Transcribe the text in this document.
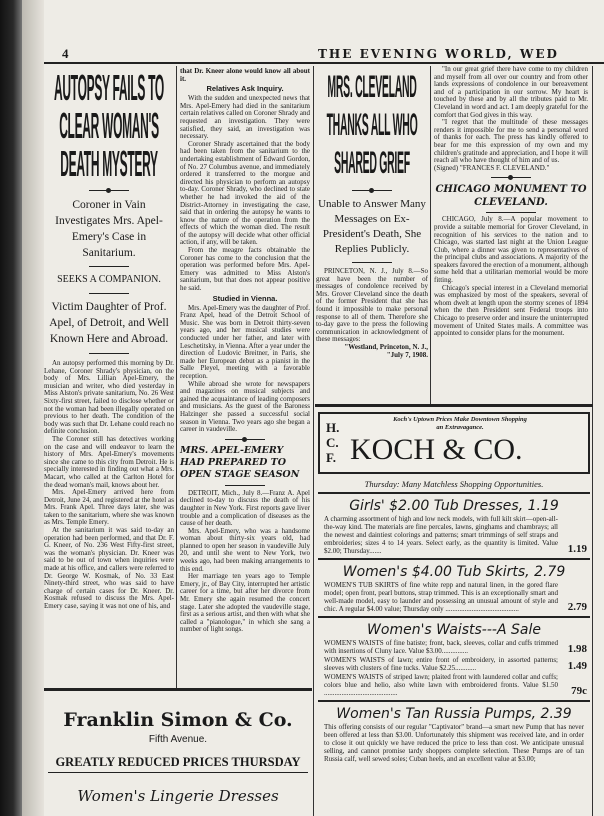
4	THE EVENING WORLD, WED
AUTOPSY FAILS TO
CLEAR WOMAN'S
DEATH MYSTERY
Coroner in Vain Investigates Mrs. Apel-Emery's Case in Sanitarium.
SEEKS A COMPANION.
Victim Daughter of Prof. Apel, of Detroit, and Well Known Here and Abroad.

An autopsy performed this morning by Dr. Lehane, Coroner Shrady's physician, on the body of Mrs. Lillian Apel-Emery, the musician and writer, who died yesterday in Miss Alston's private sanitarium, No. 26 West Sixty-first street, failed to disclose whether or not the woman had been illegally operated on previous to her death. The condition of the body was such that Dr. Lehane could reach no definite conclusion.

The Coroner still has detectives working on the case and will endeavor to learn the history of Mrs. Apel-Emery's movements since she came to this city from Detroit. He is specially interested in finding out what a Mrs. Macart, who called at the Carlton Hotel for the dead woman's mail, knows about her.

Mrs. Apel-Emery arrived here from Detroit, June 24, and registered at the hotel as Mrs. Frank Apel. Three days later, she was taken to the sanitarium, where she was known as Mrs. Temple Emery.

At the sanitarium it was said to-day an operation had been performed, and that Dr. F. G. Kneer, of No. 236 West Fifty-first street, was the woman's physician. Dr. Kneer was said to be out of town when inquiries were made at his office, and callers were referred to Dr. George W. Kosmak, of No. 33 East Ninety-third street, who was said to have charge of certain cases for Dr. Kneer. Dr. Kosmak refused to discuss the Mrs. Apel-Emery case, saying it was not one of his, and

that Dr. Kneer alone would know all about it.

Relatives Ask Inquiry.

With the sudden and unexpected news that Mrs. Apel-Emery had died in the sanitarium certain relatives called on Coroner Shrady and requested an investigation. They were satisfied, they said, an investigation was necessary.

Coroner Shrady ascertained that the body had been taken from the sanitarium to the undertaking establishment of Edward Gordon, of No. 27 Columbus avenue, and immediately ordered it transferred to the morgue and directed his physician to perform an autopsy to-day. Coroner Shrady, who declined to state whether he had invoked the aid of the District-Attorney in investigating the case, said that in ordering the autopsy he wants to know the nature of the operation from the effects of which the woman died. The result of the autopsy will decide what other official action, if any, will be taken.

From the meagre facts obtainable the Coroner has come to the conclusion that the operation was performed before Mrs. Apel-Emery was admitted to Miss Alston's sanitarium, but that does not appear positive he said.

Studied in Vienna.

Mrs. Apel-Emery was the daughter of Prof. Franz Apel, head of the Detroit School of Music. She was born in Detroit thirty-seven years ago, and her musical studies were conducted under her father, and later with Leschetitsky, in Vienna. After a year under the direction of Ludovic Breitner, in Paris, she made her European debut as a pianist in the Salle Pleyel, meeting with a favorable reception.

While abroad she wrote for newspapers and magazines on musical subjects and gained the acquaintance of leading composers and musicians. As the guest of the Baroness Halzinger she passed a successful social season in Vienna. Two years ago she began a career in vaudeville.

MRS. APEL-EMERY HAD PREPARED TO OPEN STAGE SEASON

DETROIT, Mich., July 8.—Franz A. Apel declined to-day to discuss the death of his daughter in New York. First reports gave liver trouble and a complication of diseases as the cause of her death.

Mrs. Apel-Emery, who was a handsome woman about thirty-six years old, had planned to open her season in vaudeville July 20, and until she went to New York, two weeks ago, had been making arrangements to this end.

Her marriage ten years ago to Temple Emery, jr., of Bay City, interrupted her artistic career for a time, but after her divorce from Mr. Emery she again resumed the concert stage. Later she adopted the vaudeville stage, first as a serious artist, and then with what she called a "pianologue," in which she sang a number of light songs.

MRS. CLEVELAND
THANKS ALL WHO
SHARED GRIEF
Unable to Answer Many Messages on Ex-President's Death, She Replies Publicly.

PRINCETON, N. J., July 8.—So great have been the number of messages of condolence received by Mrs. Grover Cleveland since the death of the former President that she has found it impossible to make personal response to all of them. Therefore she to-day gave to the press the following communication in acknowledgment of these messages:

"Westland, Princeton, N. J.,

"July 7, 1908.

"In our great grief there have come to my children and myself from all over our country and from other lands expressions of condolence in our bereavement and of a participation in our sorrow. My heart is touched by these and by all the tributes paid to Mr. Cleveland in word and act. I am deeply grateful for the comfort that God gives in this way.

"I regret that the multitude of these messages renders it impossible for me to send a personal word of thanks for each. The press has kindly offered to bear for me this expression of my own and my children's gratitude and appreciation, and I hope it will reach all who have thought of him and of us.

(Signed) "FRANCES F. CLEVELAND."

CHICAGO MONUMENT TO CLEVELAND.

CHICAGO, July 8.—A popular movement to provide a suitable memorial for Grover Cleveland, in recognition of his services to the nation and to Chicago, was started last night at the Union League Club, where a dinner was given to representatives of the principal clubs and associations. A majority of the speakers favored the erection of a monument, although some held that a utilitarian memorial would be more fitting.

Chicago's special interest in a Cleveland memorial was emphasized by most of the speakers, several of whom dwelt at length upon the stormy scenes of 1894 when the then President sent Federal troops into Chicago to preserve order and insure the uninterrupted movement of United States mails. A committee was appointed to consider plans for the monument.

H.
C.
F.
Koch's Uptown Prices Make Downtown Shopping an Extravagance.
KOCH & CO.
Thursday: Many Matchless Shopping Opportunities.
Girls' $2.00 Tub Dresses, 1.19
A charming assortment of high and low neck models, with full kilt skirt—open-all-the-way kind. The materials are fine percales, lawns, ginghams and chambrays; all the newest and daintiest colorings and patterns; smart trimmings of self straps and embroideries; sizes 4 to 14 years. Select early, as the quantity is limited. Value $2.00; Thursday.......	1.19
Women's $4.00 Tub Skirts, 2.79
WOMEN'S TUB SKIRTS of fine white repp and natural linen, in the gored flare model; open front, pearl buttons, strap trimmed. This is an exceptionally smart and well-made model, easy to launder and possessing an unusual amount of style and chic. A regular $4.00 value; Thursday only ..........................................	2.79
Women's Waists---A Sale
WOMEN'S WAISTS of fine batiste; front, back, sleeves, collar and cuffs trimmed with insertions of Cluny lace. Value $3.00...............	1.98
WOMEN'S WAISTS of lawn; entire front of embroidery, in assorted patterns; sleeves with clusters of fine tucks. Value $2.25............	1.49
WOMEN'S WAISTS of striped lawn; plaited front with laundered collar and cuffs; colors blue and helio, also white lawn with embroidered fronts. Value $1.50 ..........................................	79c
Women's Tan Russia Pumps, 2.39
This offering consists of our regular "Captivator" brand—a smart new Pump that has never been offered at less than $3.00. Unfortunately this shipment was received late, and in order to close it out quickly we have reduced the price to less than cost. We anticipate unusual selling, and cannot promise tardy shoppers complete selection. These Pumps are of tan Russia calf, well sewed soles; Cuban heels, and an excellent value at $3.00;
Franklin Simon & Co.
Fifth Avenue.
GREATLY REDUCED PRICES THURSDAY
Women's Lingerie Dresses
